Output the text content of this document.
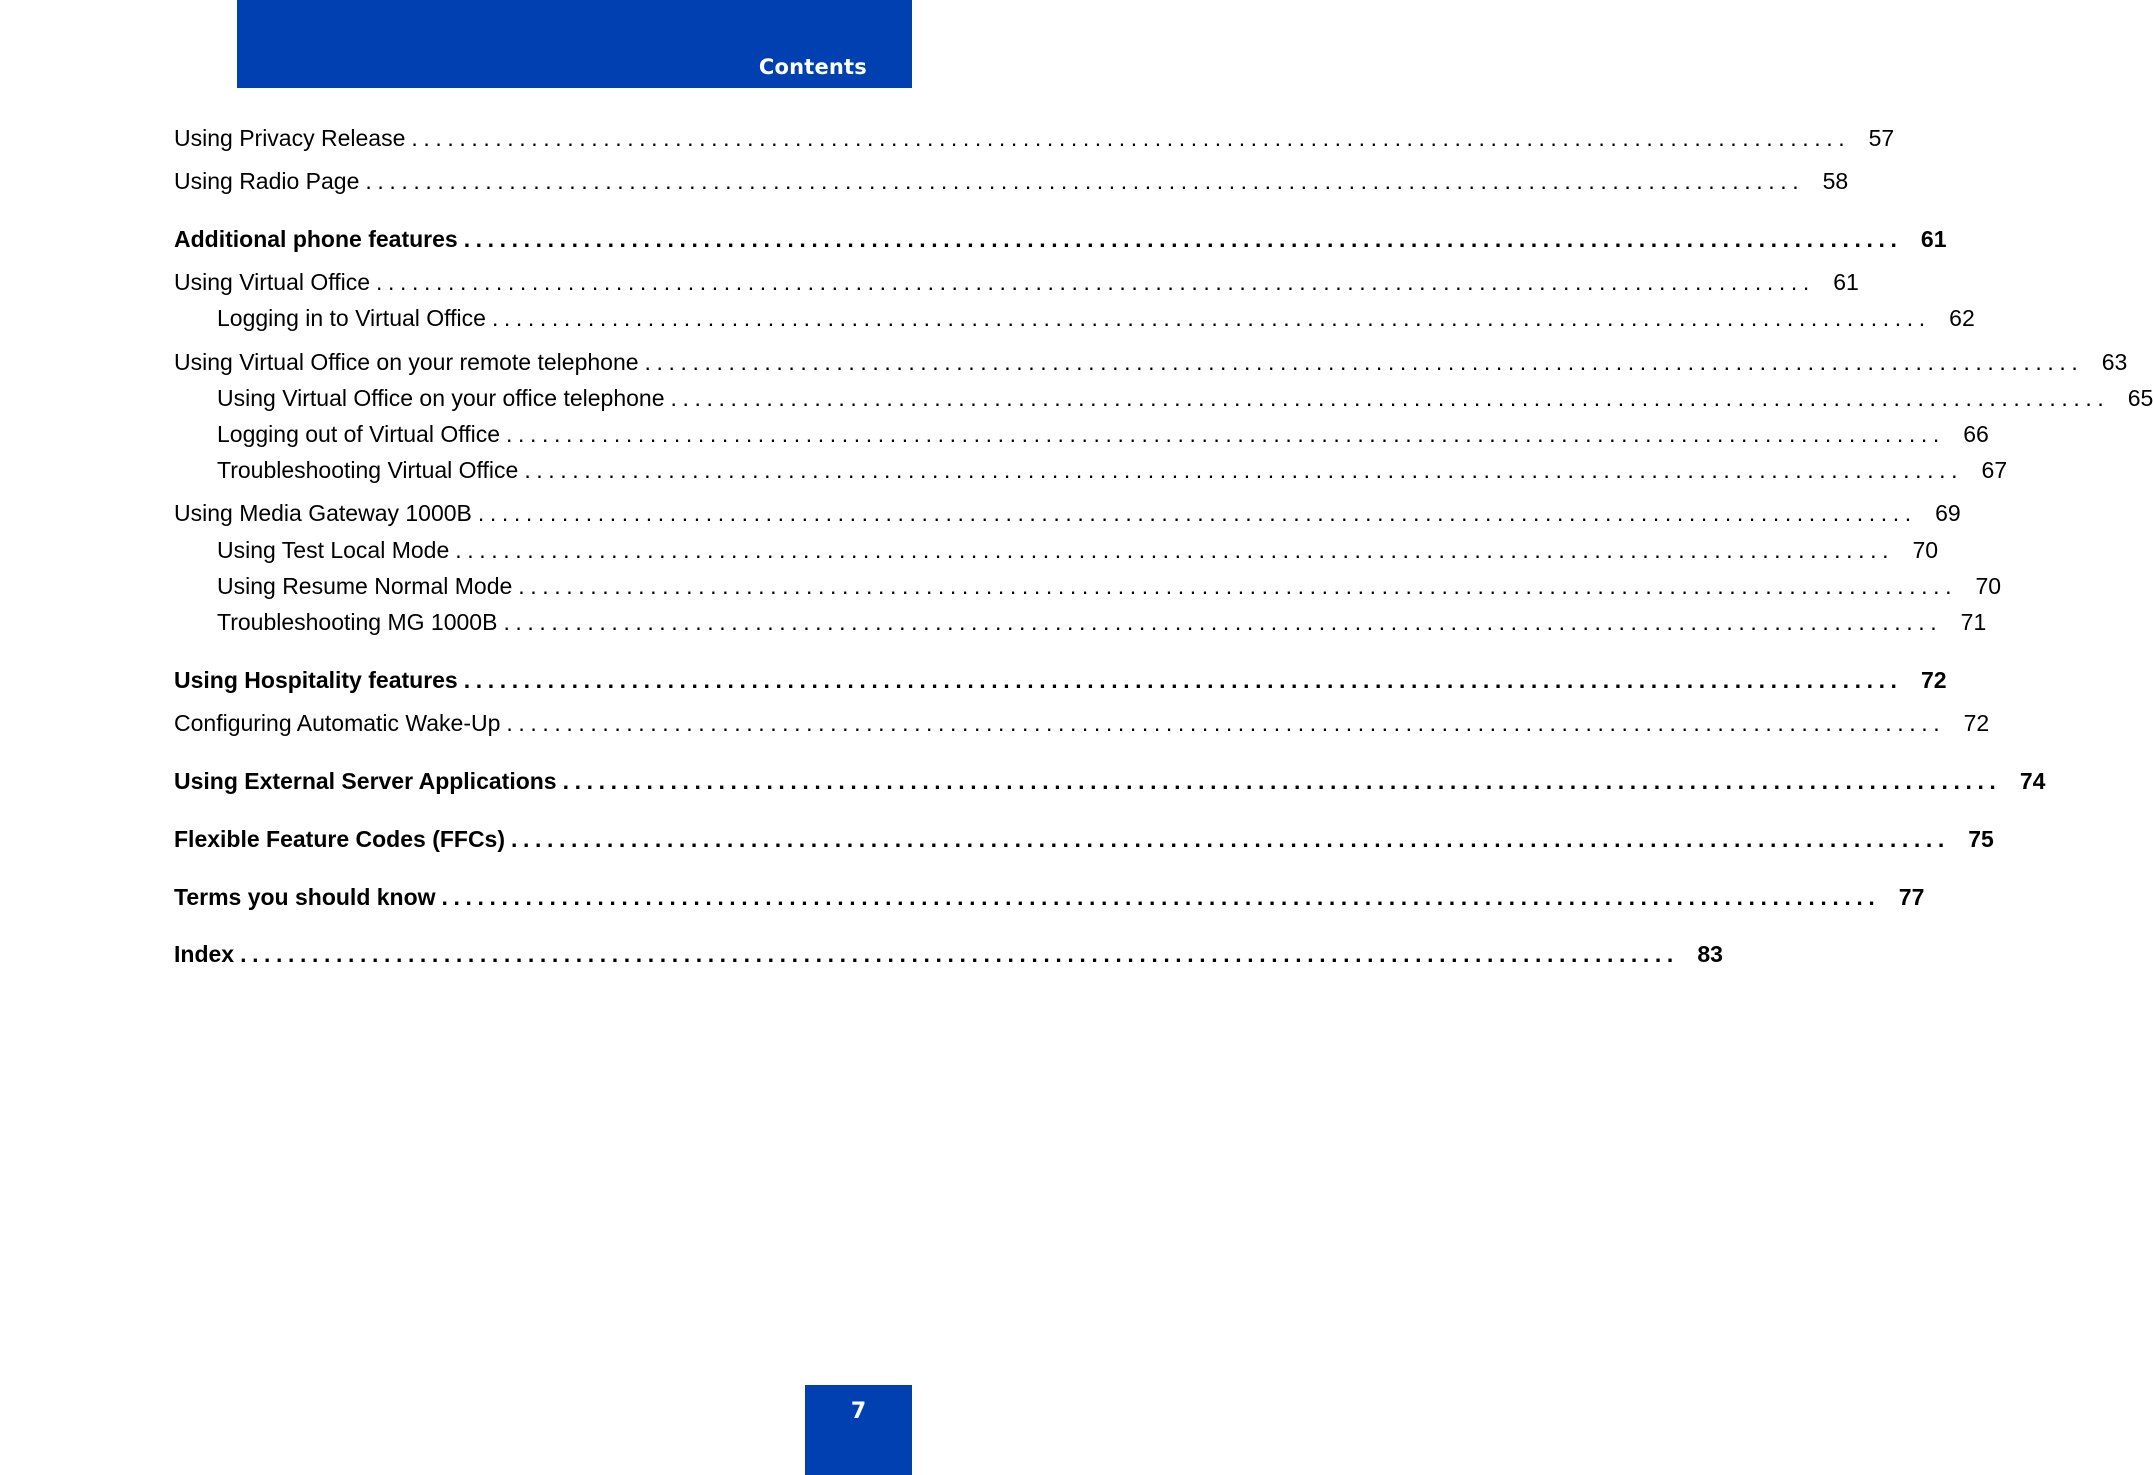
Contents
Using Privacy Release ........................................................................................................................ 57
Using Radio Page ........................................................................................................................ 58
Additional phone features ........................................................................................................................ 61
Using Virtual Office ........................................................................................................................ 61
Logging in to Virtual Office ........................................................................................................................ 62
Using Virtual Office on your remote telephone ........................................................................................................................ 63
Using Virtual Office on your office telephone ........................................................................................................................ 65
Logging out of Virtual Office ........................................................................................................................ 66
Troubleshooting Virtual Office ........................................................................................................................ 67
Using Media Gateway 1000B ........................................................................................................................ 69
Using Test Local Mode ........................................................................................................................ 70
Using Resume Normal Mode ........................................................................................................................ 70
Troubleshooting MG 1000B ........................................................................................................................ 71
Using Hospitality features ........................................................................................................................ 72
Configuring Automatic Wake-Up ........................................................................................................................ 72
Using External Server Applications ........................................................................................................................ 74
Flexible Feature Codes (FFCs) ........................................................................................................................ 75
Terms you should know ........................................................................................................................ 77
Index ........................................................................................................................ 83
7
